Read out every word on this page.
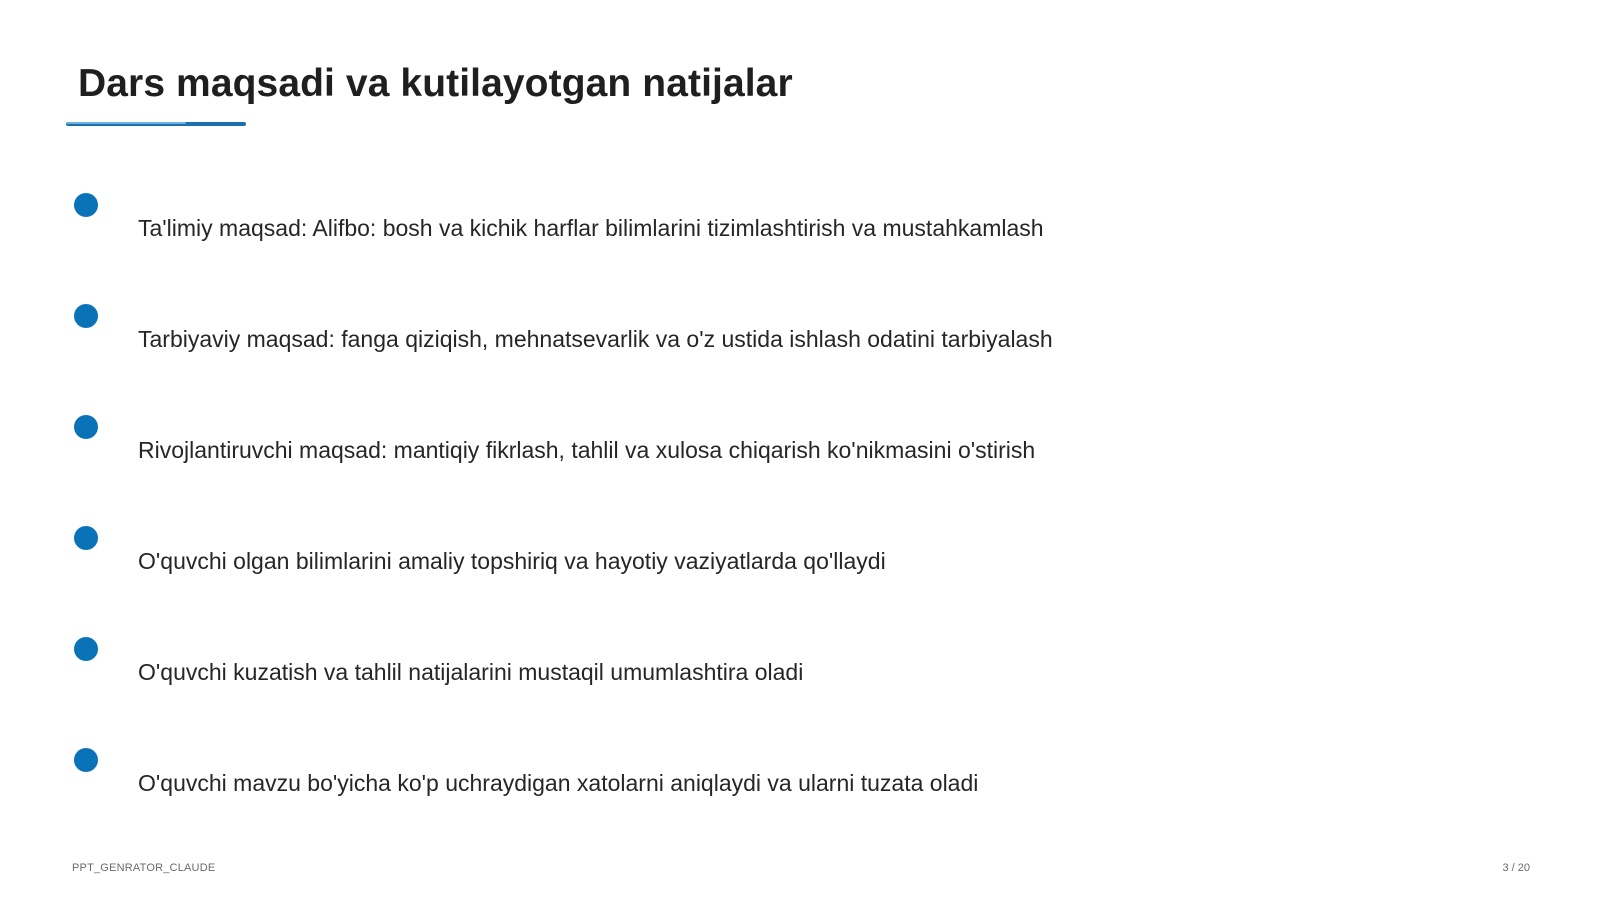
Dars maqsadi va kutilayotgan natijalar
Ta'limiy maqsad: Alifbo: bosh va kichik harflar bilimlarini tizimlashtirish va mustahkamlash
Tarbiyaviy maqsad: fanga qiziqish, mehnatsevarlik va o'z ustida ishlash odatini tarbiyalash
Rivojlantiruvchi maqsad: mantiqiy fikrlash, tahlil va xulosa chiqarish ko'nikmasini o'stirish
O'quvchi olgan bilimlarini amaliy topshiriq va hayotiy vaziyatlarda qo'llaydi
O'quvchi kuzatish va tahlil natijalarini mustaqil umumlashtira oladi
O'quvchi mavzu bo'yicha ko'p uchraydigan xatolarni aniqlaydi va ularni tuzata oladi
PPT_GENRATOR_CLAUDE	3 / 20
